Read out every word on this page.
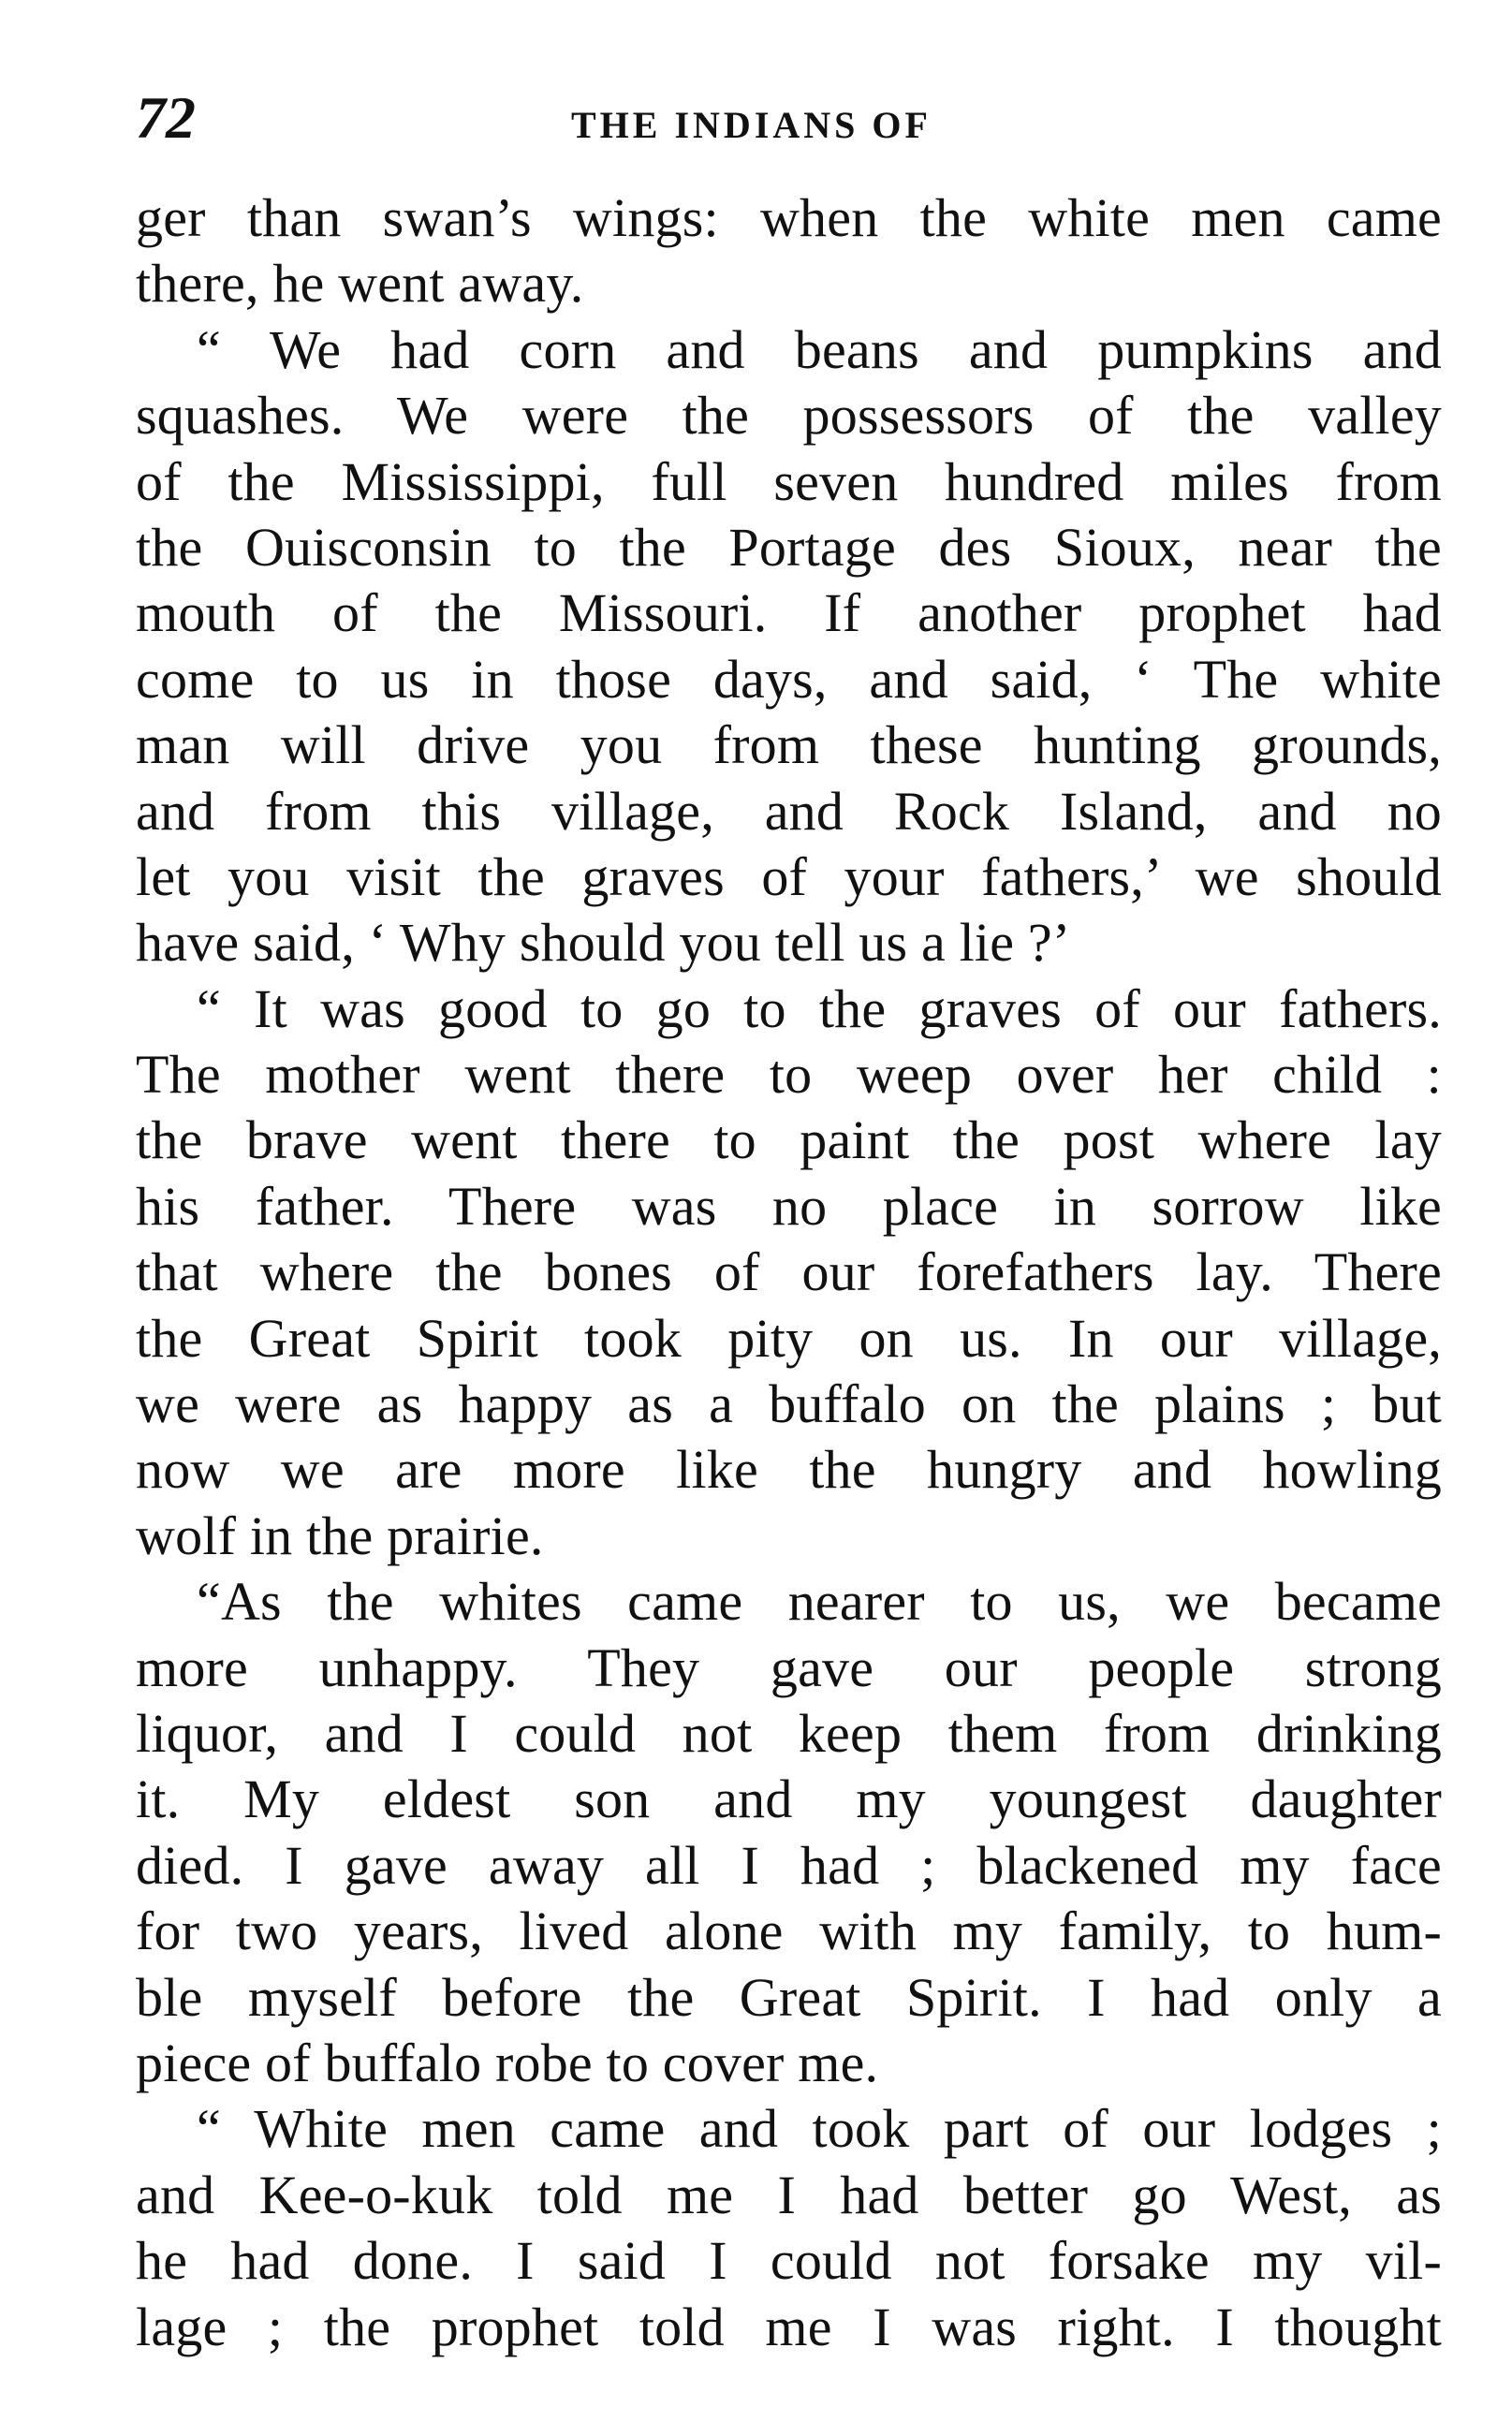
72	THE INDIANS OF
ger than swan’s wings: when the white men came
there, he went away.
“ We had corn and beans and pumpkins and
squashes. We were the possessors of the valley
of the Mississippi, full seven hundred miles from
the Ouisconsin to the Portage des Sioux, near the
mouth of the Missouri. If another prophet had
come to us in those days, and said, ‘ The white
man will drive you from these hunting grounds,
and from this village, and Rock Island, and no
let you visit the graves of your fathers,’ we should
have said, ‘ Why should you tell us a lie ?’
“ It was good to go to the graves of our fathers.
The mother went there to weep over her child :
the brave went there to paint the post where lay
his father. There was no place in sorrow like
that where the bones of our forefathers lay. There
the Great Spirit took pity on us. In our village,
we were as happy as a buffalo on the plains ; but
now we are more like the hungry and howling
wolf in the prairie.
“As the whites came nearer to us, we became
more unhappy. They gave our people strong
liquor, and I could not keep them from drinking
it. My eldest son and my youngest daughter
died. I gave away all I had ; blackened my face
for two years, lived alone with my family, to hum-
ble myself before the Great Spirit. I had only a
piece of buffalo robe to cover me.
“ White men came and took part of our lodges ;
and Kee-o-kuk told me I had better go West, as
he had done. I said I could not forsake my vil-
lage ; the prophet told me I was right. I thought
